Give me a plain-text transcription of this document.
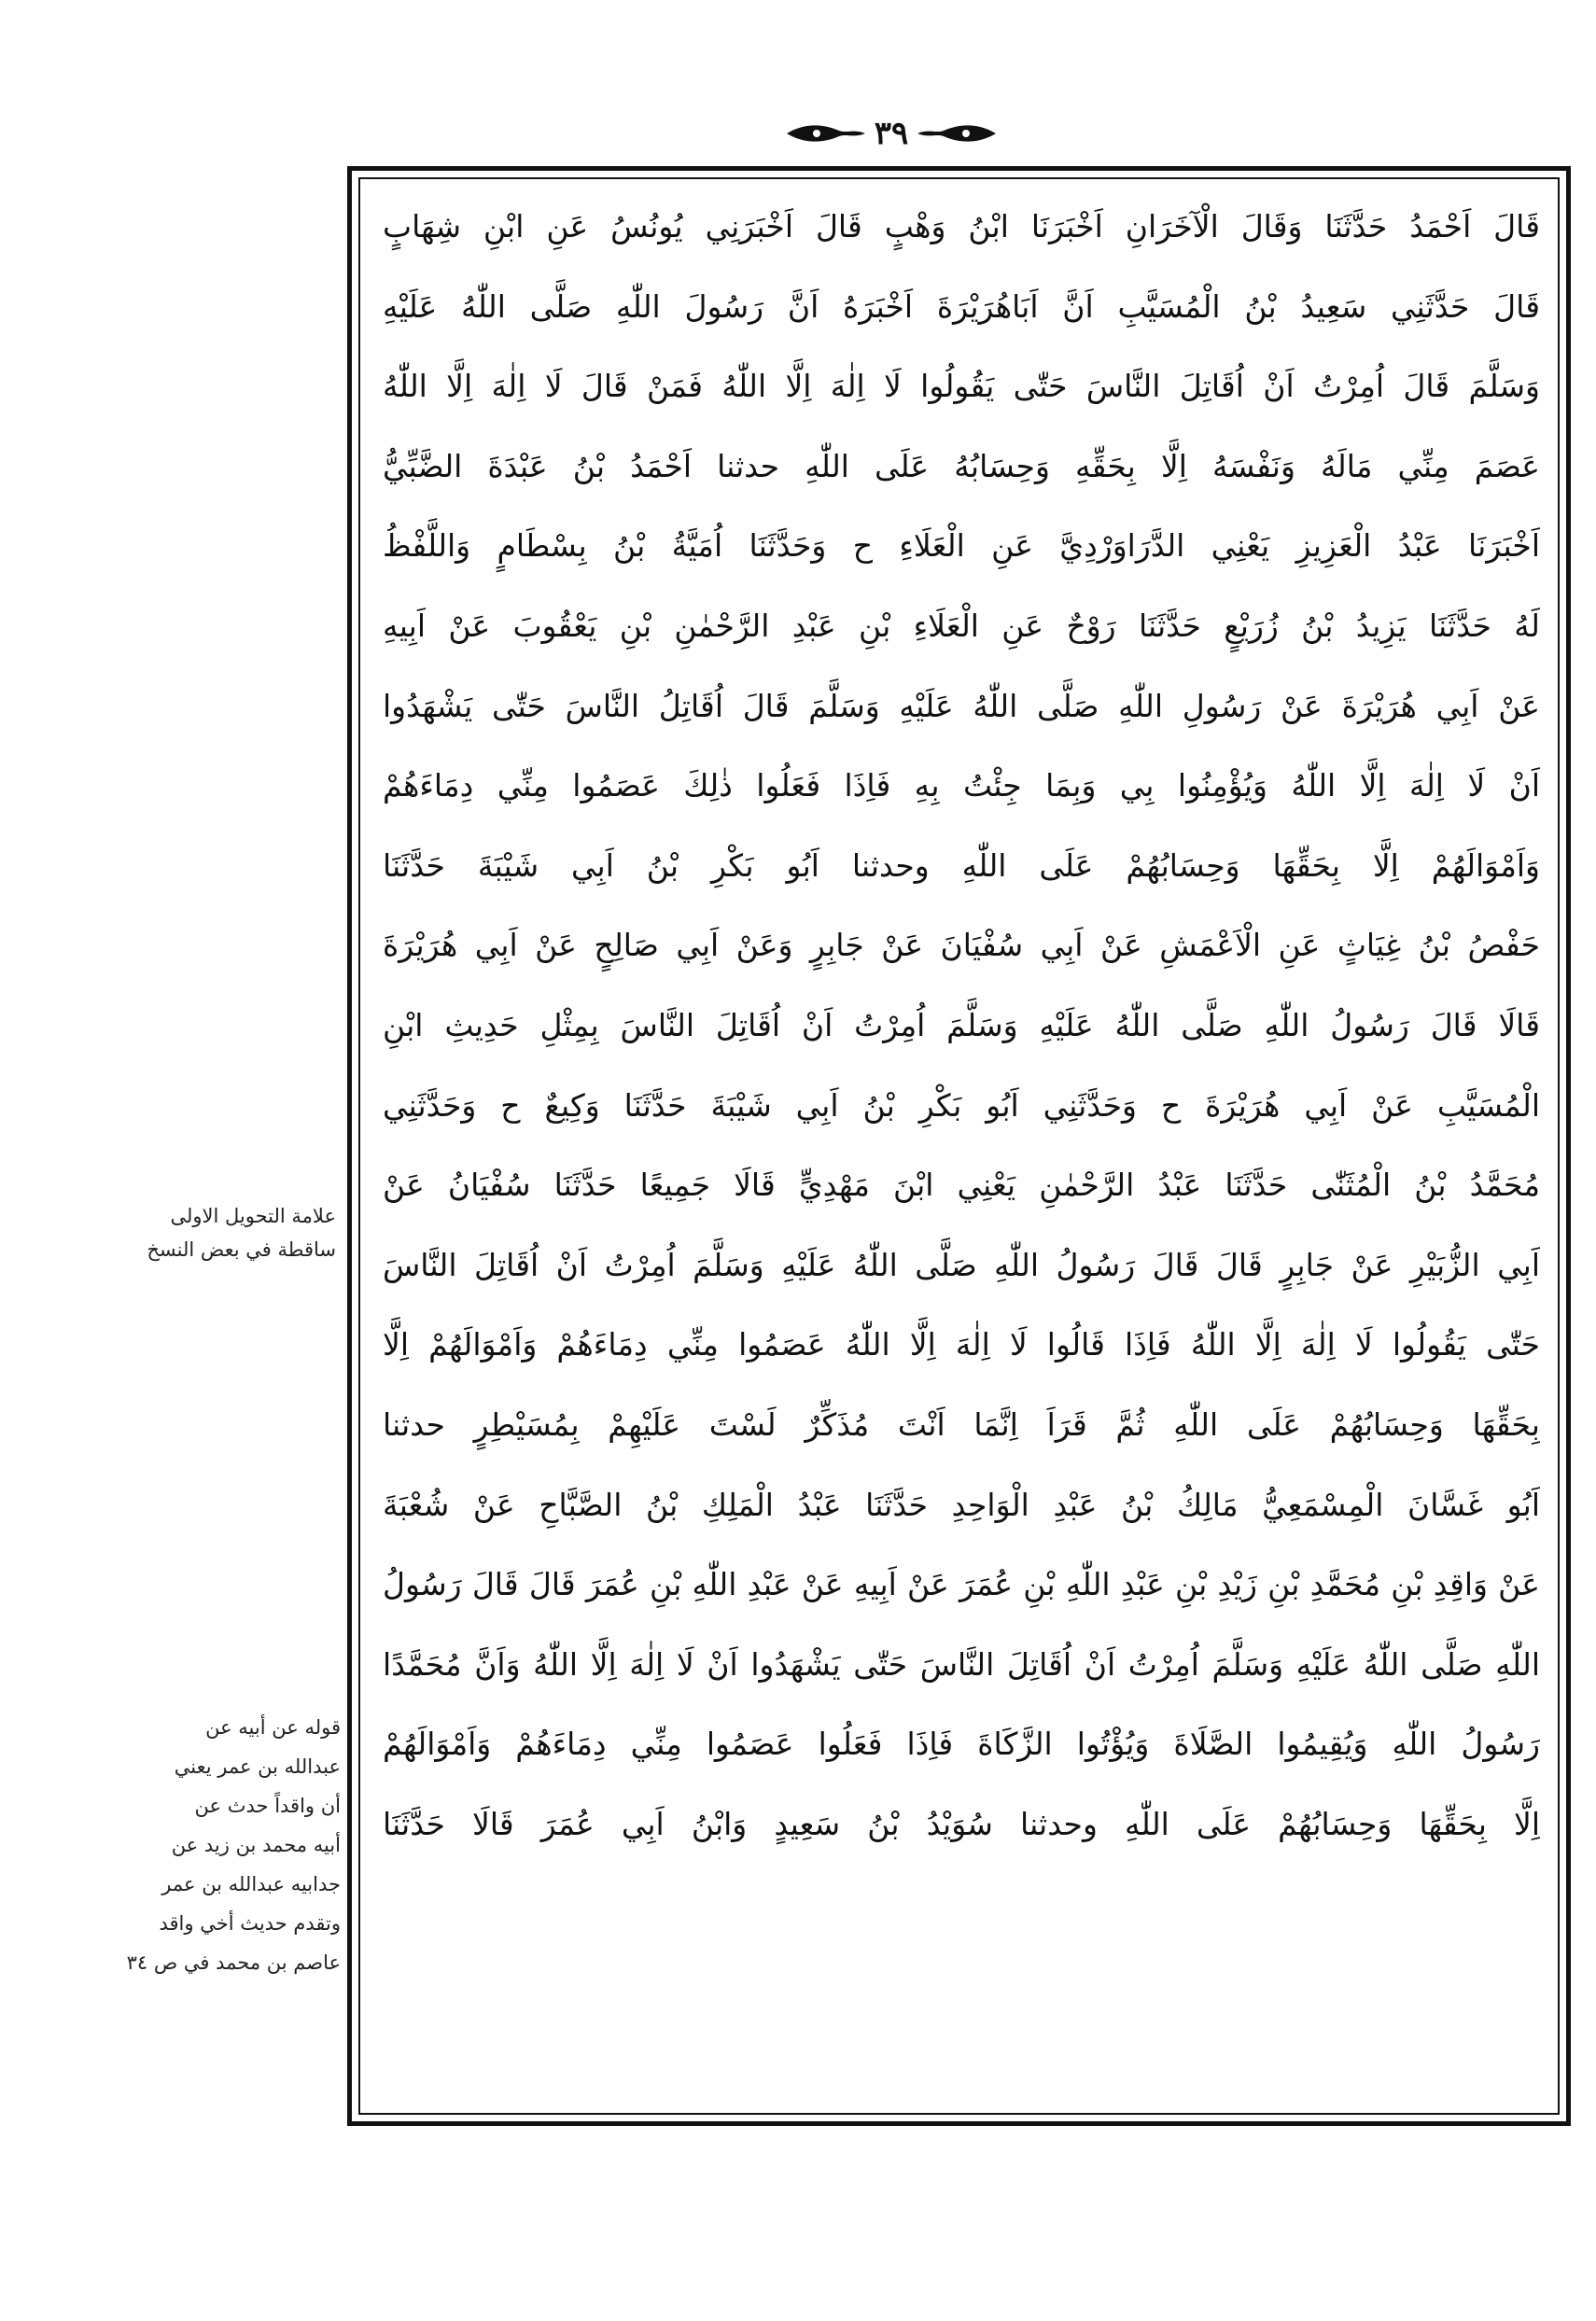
٣٩
قَالَ اَحْمَدُ حَدَّثَنَا وَقَالَ الْآخَرَانِ اَخْبَرَنَا ابْنُ وَهْبٍ قَالَ اَخْبَرَنِي يُونُسُ عَنِ ابْنِ شِهَابٍ
قَالَ حَدَّثَنِي سَعِيدُ بْنُ الْمُسَيَّبِ اَنَّ اَبَاهُرَيْرَةَ اَخْبَرَهُ اَنَّ رَسُولَ اللّٰهِ صَلَّى اللّٰهُ عَلَيْهِ
وَسَلَّمَ قَالَ اُمِرْتُ اَنْ اُقَاتِلَ النَّاسَ حَتّٰى يَقُولُوا لَا اِلٰهَ اِلَّا اللّٰهُ فَمَنْ قَالَ لَا اِلٰهَ اِلَّا اللّٰهُ
عَصَمَ مِنِّي مَالَهُ وَنَفْسَهُ اِلَّا بِحَقِّهِ وَحِسَابُهُ عَلَى اللّٰهِ حدثنا اَحْمَدُ بْنُ عَبْدَةَ الضَّبِّيُّ
اَخْبَرَنَا عَبْدُ الْعَزِيزِ يَعْنِي الدَّرَاوَرْدِيَّ عَنِ الْعَلَاءِ ح وَحَدَّثَنَا اُمَيَّةُ بْنُ بِسْطَامٍ وَاللَّفْظُ
لَهُ حَدَّثَنَا يَزِيدُ بْنُ زُرَيْعٍ حَدَّثَنَا رَوْحٌ عَنِ الْعَلَاءِ بْنِ عَبْدِ الرَّحْمٰنِ بْنِ يَعْقُوبَ عَنْ اَبِيهِ
عَنْ اَبِي هُرَيْرَةَ عَنْ رَسُولِ اللّٰهِ صَلَّى اللّٰهُ عَلَيْهِ وَسَلَّمَ قَالَ اُقَاتِلُ النَّاسَ حَتّٰى يَشْهَدُوا
اَنْ لَا اِلٰهَ اِلَّا اللّٰهُ وَيُؤْمِنُوا بِي وَبِمَا جِئْتُ بِهِ فَاِذَا فَعَلُوا ذٰلِكَ عَصَمُوا مِنِّي دِمَاءَهُمْ
وَاَمْوَالَهُمْ اِلَّا بِحَقِّهَا وَحِسَابُهُمْ عَلَى اللّٰهِ وحدثنا اَبُو بَكْرِ بْنُ اَبِي شَيْبَةَ حَدَّثَنَا
حَفْصُ بْنُ غِيَاثٍ عَنِ الْاَعْمَشِ عَنْ اَبِي سُفْيَانَ عَنْ جَابِرٍ وَعَنْ اَبِي صَالِحٍ عَنْ اَبِي هُرَيْرَةَ
قَالَا قَالَ رَسُولُ اللّٰهِ صَلَّى اللّٰهُ عَلَيْهِ وَسَلَّمَ اُمِرْتُ اَنْ اُقَاتِلَ النَّاسَ بِمِثْلِ حَدِيثِ ابْنِ
الْمُسَيَّبِ عَنْ اَبِي هُرَيْرَةَ ح وَحَدَّثَنِي اَبُو بَكْرِ بْنُ اَبِي شَيْبَةَ حَدَّثَنَا وَكِيعٌ ح وَحَدَّثَنِي
مُحَمَّدُ بْنُ الْمُثَنّٰى حَدَّثَنَا عَبْدُ الرَّحْمٰنِ يَعْنِي ابْنَ مَهْدِيٍّ قَالَا جَمِيعًا حَدَّثَنَا سُفْيَانُ عَنْ
اَبِي الزُّبَيْرِ عَنْ جَابِرٍ قَالَ قَالَ رَسُولُ اللّٰهِ صَلَّى اللّٰهُ عَلَيْهِ وَسَلَّمَ اُمِرْتُ اَنْ اُقَاتِلَ النَّاسَ
حَتّٰى يَقُولُوا لَا اِلٰهَ اِلَّا اللّٰهُ فَاِذَا قَالُوا لَا اِلٰهَ اِلَّا اللّٰهُ عَصَمُوا مِنِّي دِمَاءَهُمْ وَاَمْوَالَهُمْ اِلَّا
بِحَقِّهَا وَحِسَابُهُمْ عَلَى اللّٰهِ ثُمَّ قَرَاَ اِنَّمَا اَنْتَ مُذَكِّرٌ لَسْتَ عَلَيْهِمْ بِمُسَيْطِرٍ حدثنا
اَبُو غَسَّانَ الْمِسْمَعِيُّ مَالِكُ بْنُ عَبْدِ الْوَاحِدِ حَدَّثَنَا عَبْدُ الْمَلِكِ بْنُ الصَّبَّاحِ عَنْ شُعْبَةَ
عَنْ وَاقِدِ بْنِ مُحَمَّدِ بْنِ زَيْدِ بْنِ عَبْدِ اللّٰهِ بْنِ عُمَرَ عَنْ اَبِيهِ عَنْ عَبْدِ اللّٰهِ بْنِ عُمَرَ قَالَ قَالَ رَسُولُ
اللّٰهِ صَلَّى اللّٰهُ عَلَيْهِ وَسَلَّمَ اُمِرْتُ اَنْ اُقَاتِلَ النَّاسَ حَتّٰى يَشْهَدُوا اَنْ لَا اِلٰهَ اِلَّا اللّٰهُ وَاَنَّ مُحَمَّدًا
رَسُولُ اللّٰهِ وَيُقِيمُوا الصَّلَاةَ وَيُؤْتُوا الزَّكَاةَ فَاِذَا فَعَلُوا عَصَمُوا مِنِّي دِمَاءَهُمْ وَاَمْوَالَهُمْ
اِلَّا بِحَقِّهَا وَحِسَابُهُمْ عَلَى اللّٰهِ وحدثنا سُوَيْدُ بْنُ سَعِيدٍ وَابْنُ اَبِي عُمَرَ قَالَا حَدَّثَنَا
علامة التحويل الاولى
ساقطة في بعض النسخ
قوله عن أبيه عن
عبدالله بن عمر يعني
أن واقداً حدث عن
أبيه محمد بن زيد عن
جدابيه عبدالله بن عمر
وتقدم حديث أخي واقد
عاصم بن محمد في ص ٣٤
